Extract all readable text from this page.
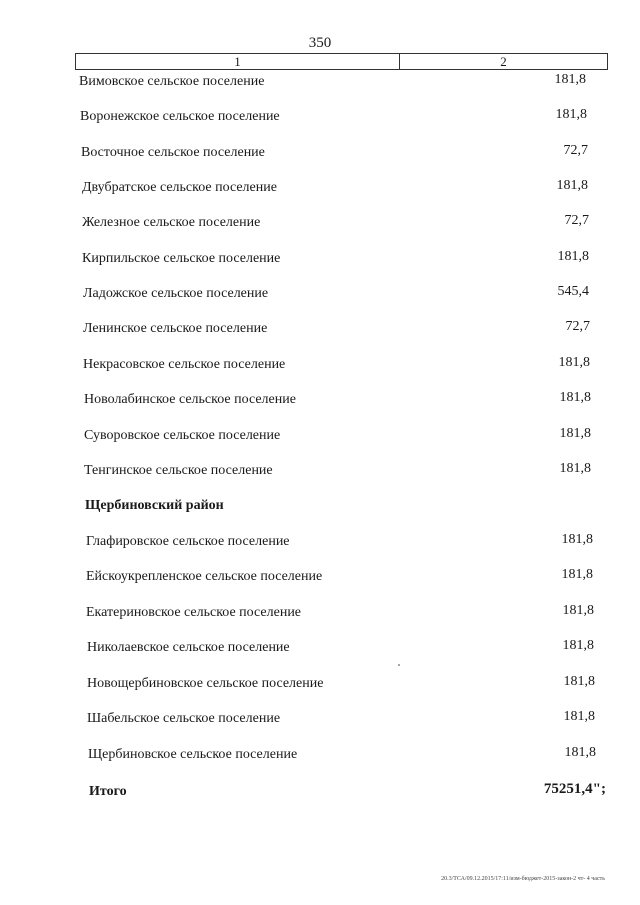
350
1	2
Вимовское сельское поселение	181,8
Воронежское сельское поселение	181,8
Восточное сельское поселение	72,7
Двубратское сельское поселение	181,8
Железное сельское поселение	72,7
Кирпильское сельское поселение	181,8
Ладожское сельское поселение	545,4
Ленинское сельское поселение	72,7
Некрасовское сельское поселение	181,8
Новолабинское сельское поселение	181,8
Суворовское сельское поселение	181,8
Тенгинское сельское поселение	181,8
Щербиновский район
Глафировское сельское поселение	181,8
Ейскоукрепленское сельское поселение	181,8
Екатериновское сельское поселение	181,8
Николаевское сельское поселение	181,8
Новощербиновское сельское поселение	181,8
Шабельское сельское поселение	181,8
Щербиновское сельское поселение	181,8
Итого	75251,4";
20.3/ТСА/09.12.2015/17:11/изм-бюджет-2015-закон-2 чт- 4 часть
